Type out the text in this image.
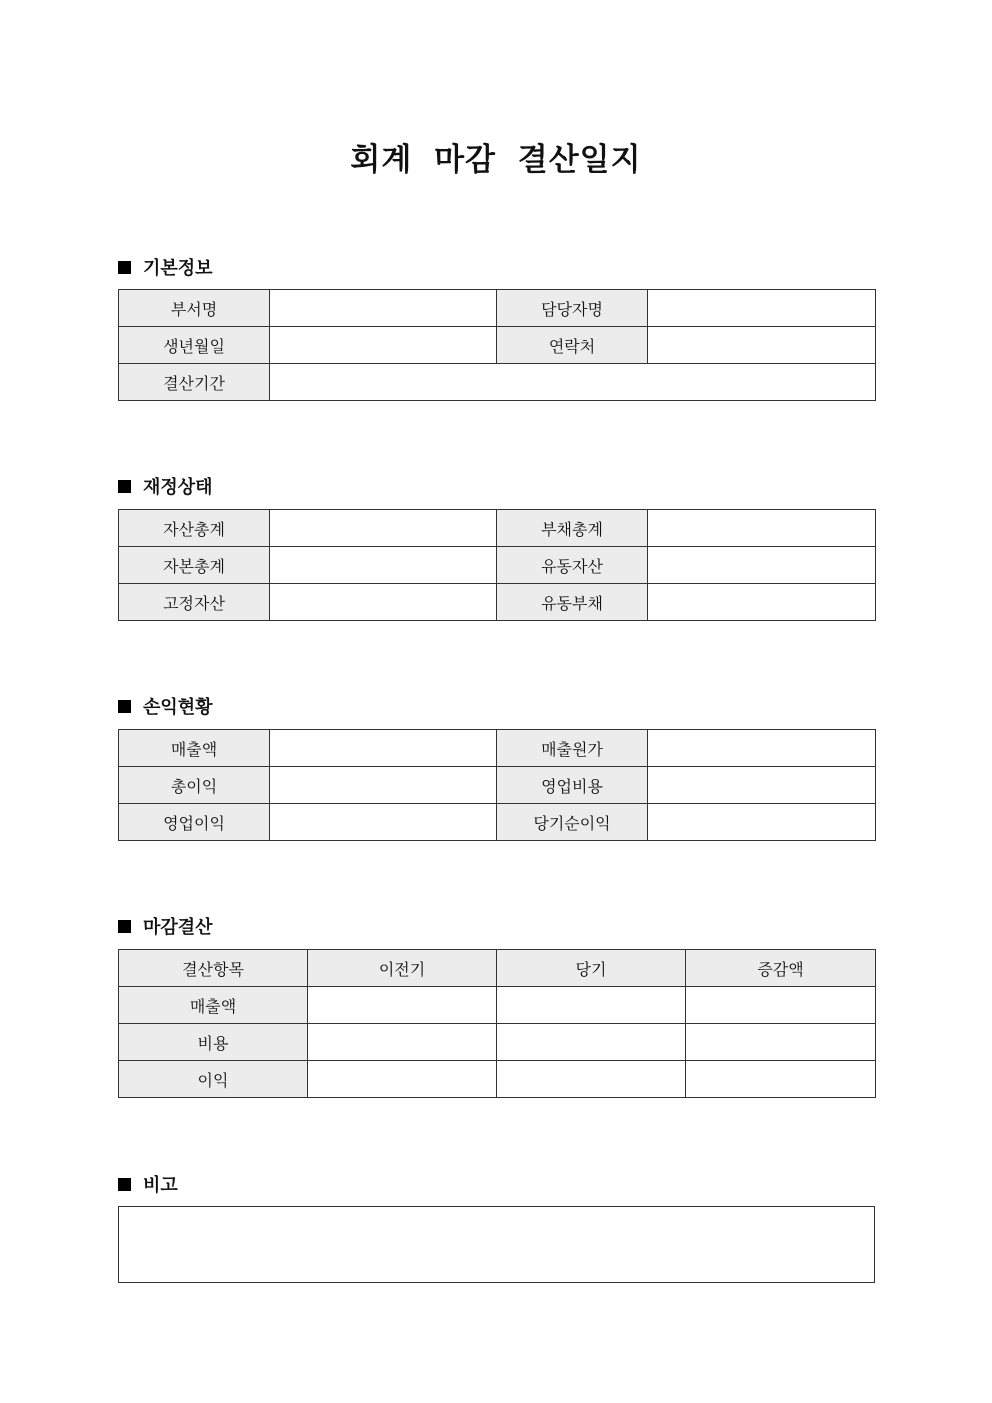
회계 마감 결산일지
기본정보
부서명		담당자명	
생년월일		연락처	
결산기간			
재정상태
자산총계		부채총계	
자본총계		유동자산	
고정자산		유동부채	
손익현황
매출액		매출원가	
총이익		영업비용	
영업이익		당기순이익	
마감결산
결산항목	이전기	당기	증감액
매출액			
비용			
이익			
비고
